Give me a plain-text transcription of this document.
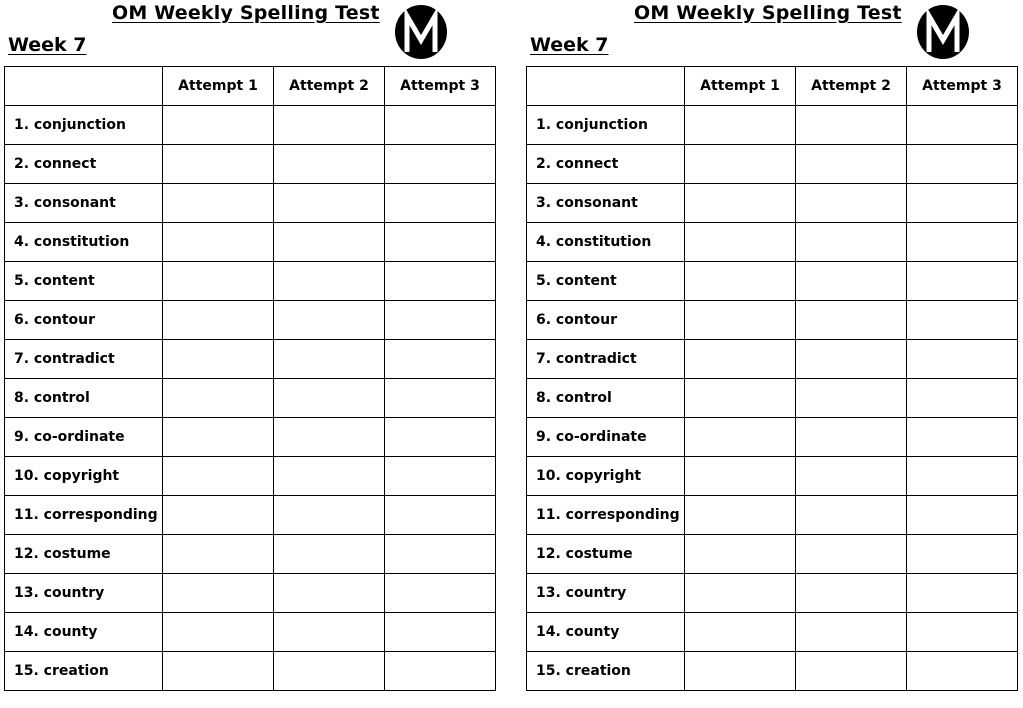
OM Weekly Spelling Test
Week 7
	Attempt 1	Attempt 2	Attempt 3
1. conjunction			
2. connect			
3. consonant			
4. constitution			
5. content			
6. contour			
7. contradict			
8. control			
9. co-ordinate			
10. copyright			
11. corresponding			
12. costume			
13. country			
14. county			
15. creation			
OM Weekly Spelling Test
Week 7
	Attempt 1	Attempt 2	Attempt 3
1. conjunction			
2. connect			
3. consonant			
4. constitution			
5. content			
6. contour			
7. contradict			
8. control			
9. co-ordinate			
10. copyright			
11. corresponding			
12. costume			
13. country			
14. county			
15. creation			
